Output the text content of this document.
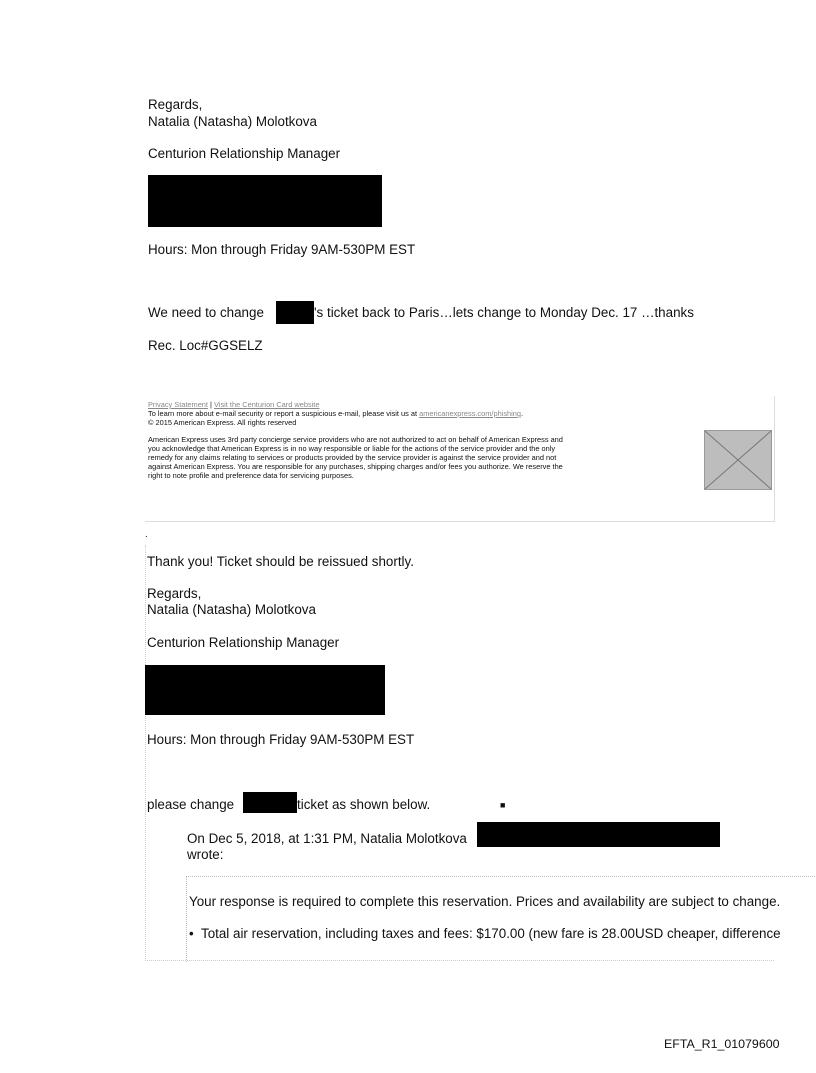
Regards,
Natalia (Natasha) Molotkova
Centurion Relationship Manager
Hours: Mon through Friday 9AM-530PM EST
We need to change	's ticket back to Paris…lets change to Monday Dec. 17 …thanks
Rec. Loc#GGSELZ
Privacy Statement | Visit the Centurion Card website
To learn more about e-mail security or report a suspicious e-mail, please visit us at americanexpress.com/phishing.
© 2015 American Express. All rights reserved
American Express uses 3rd party concierge service providers who are not authorized to act on behalf of American Express and
you acknowledge that American Express is in no way responsible or liable for the actions of the service provider and the only
remedy for any claims relating to services or products provided by the service provider is against the service provider and not
against American Express. You are responsible for any purchases, shipping charges and/or fees you authorize. We reserve the
right to note profile and preference data for servicing purposes.
.
Thank you! Ticket should be reissued shortly.
Regards,
Natalia (Natasha) Molotkova
Centurion Relationship Manager
Hours: Mon through Friday 9AM-530PM EST
please change	ticket as shown below.	■
On Dec 5, 2018, at 1:31 PM, Natalia Molotkova
wrote:
Your response is required to complete this reservation. Prices and availability are subject to change.
• Total air reservation, including taxes and fees: $170.00 (new fare is 28.00USD cheaper, difference
EFTA_R1_01079600
